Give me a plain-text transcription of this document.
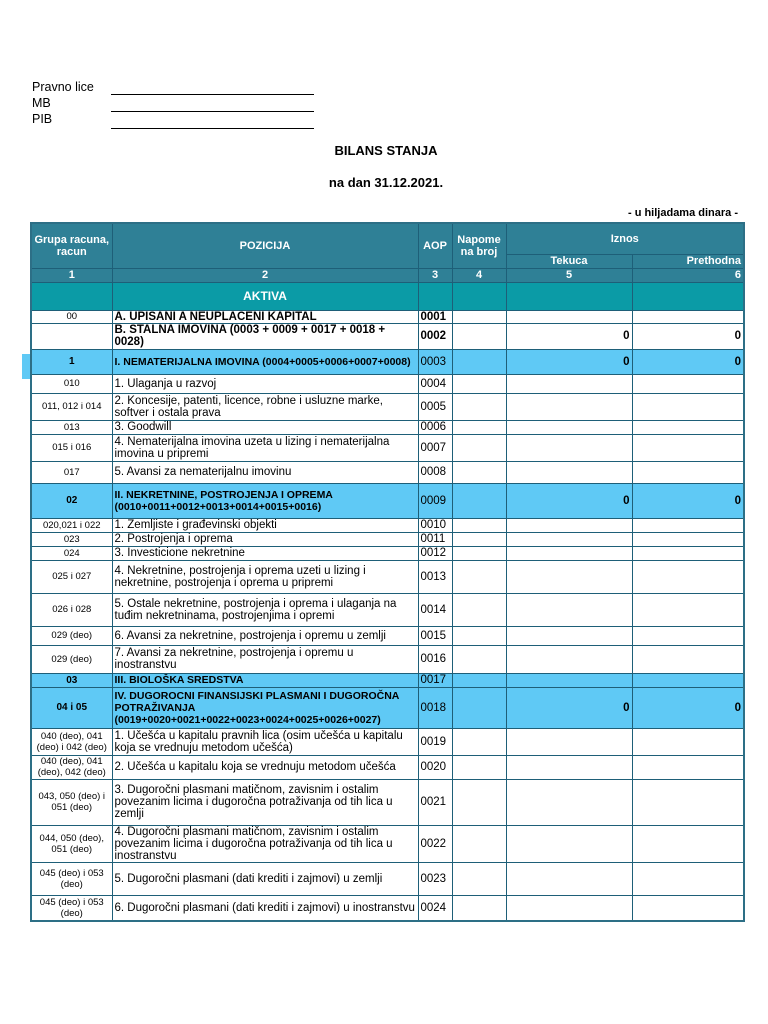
Pravno lice
MB
PIB
BILANS STANJA
na dan 31.12.2021.
- u hiljadama dinara -
Grupa racuna, racun	POZICIJA	AOP	Napome na broj	Iznos	
				Tekuca	Prethodna
1	2	3	4	5	6
	AKTIVA				
00	A. UPISANI A NEUPLACENI KAPITAL	0001			
	B. STALNA IMOVINA (0003 + 0009 + 0017 + 0018 + 0028)	0002		0	0
1	I. NEMATERIJALNA IMOVINA (0004+0005+0006+0007+0008)	0003		0	0
010	1. Ulaganja u razvoj	0004			
011, 012 i 014	2. Koncesije, patenti, licence, robne i usluzne marke, softver i ostala prava	0005			
013	3. Goodwill	0006			
015 i 016	4. Nematerijalna imovina uzeta u lizing i nematerijalna imovina u pripremi	0007			
017	5. Avansi za nematerijalnu imovinu	0008			
02	II. NEKRETNINE, POSTROJENJA I OPREMA (0010+0011+0012+0013+0014+0015+0016)	0009		0	0
020,021 i 022	1. Zemljiste i građevinski objekti	0010			
023	2. Postrojenja i oprema	0011			
024	3. Investicione nekretnine	0012			
025 i 027	4. Nekretnine, postrojenja i oprema uzeti u lizing i nekretnine, postrojenja i oprema u pripremi	0013			
026 i 028	5. Ostale nekretnine, postrojenja i oprema i ulaganja na tuđim nekretninama, postrojenjima i opremi	0014			
029 (deo)	6. Avansi za nekretnine, postrojenja i opremu u zemlji	0015			
029 (deo)	7. Avansi za nekretnine, postrojenja i opremu u inostranstvu	0016			
03	III. BIOLOŠKA SREDSTVA	0017			
04 i 05	IV. DUGOROCNI FINANSIJSKI PLASMANI I DUGOROČNA POTRAŽIVANJA (0019+0020+0021+0022+0023+0024+0025+0026+0027)	0018		0	0
040 (deo), 041 (deo) i 042 (deo)	1. Učešća u kapitalu pravnih lica (osim učešća u kapitalu koja se vrednuju metodom učešća)	0019			
040 (deo), 041 (deo), 042 (deo)	2. Učešća u kapitalu koja se vrednuju metodom učešća	0020			
043, 050 (deo) i 051 (deo)	3. Dugoročni plasmani matičnom, zavisnim i ostalim povezanim licima i dugoročna potraživanja od tih lica u zemlji	0021			
044, 050 (deo), 051 (deo)	4. Dugoročni plasmani matičnom, zavisnim i ostalim povezanim licima i dugoročna potraživanja od tih lica u inostranstvu	0022			
045 (deo) i 053 (deo)	5. Dugoročni plasmani (dati krediti i zajmovi) u zemlji	0023			
045 (deo) i 053 (deo)	6. Dugoročni plasmani (dati krediti i zajmovi) u inostranstvu	0024			
